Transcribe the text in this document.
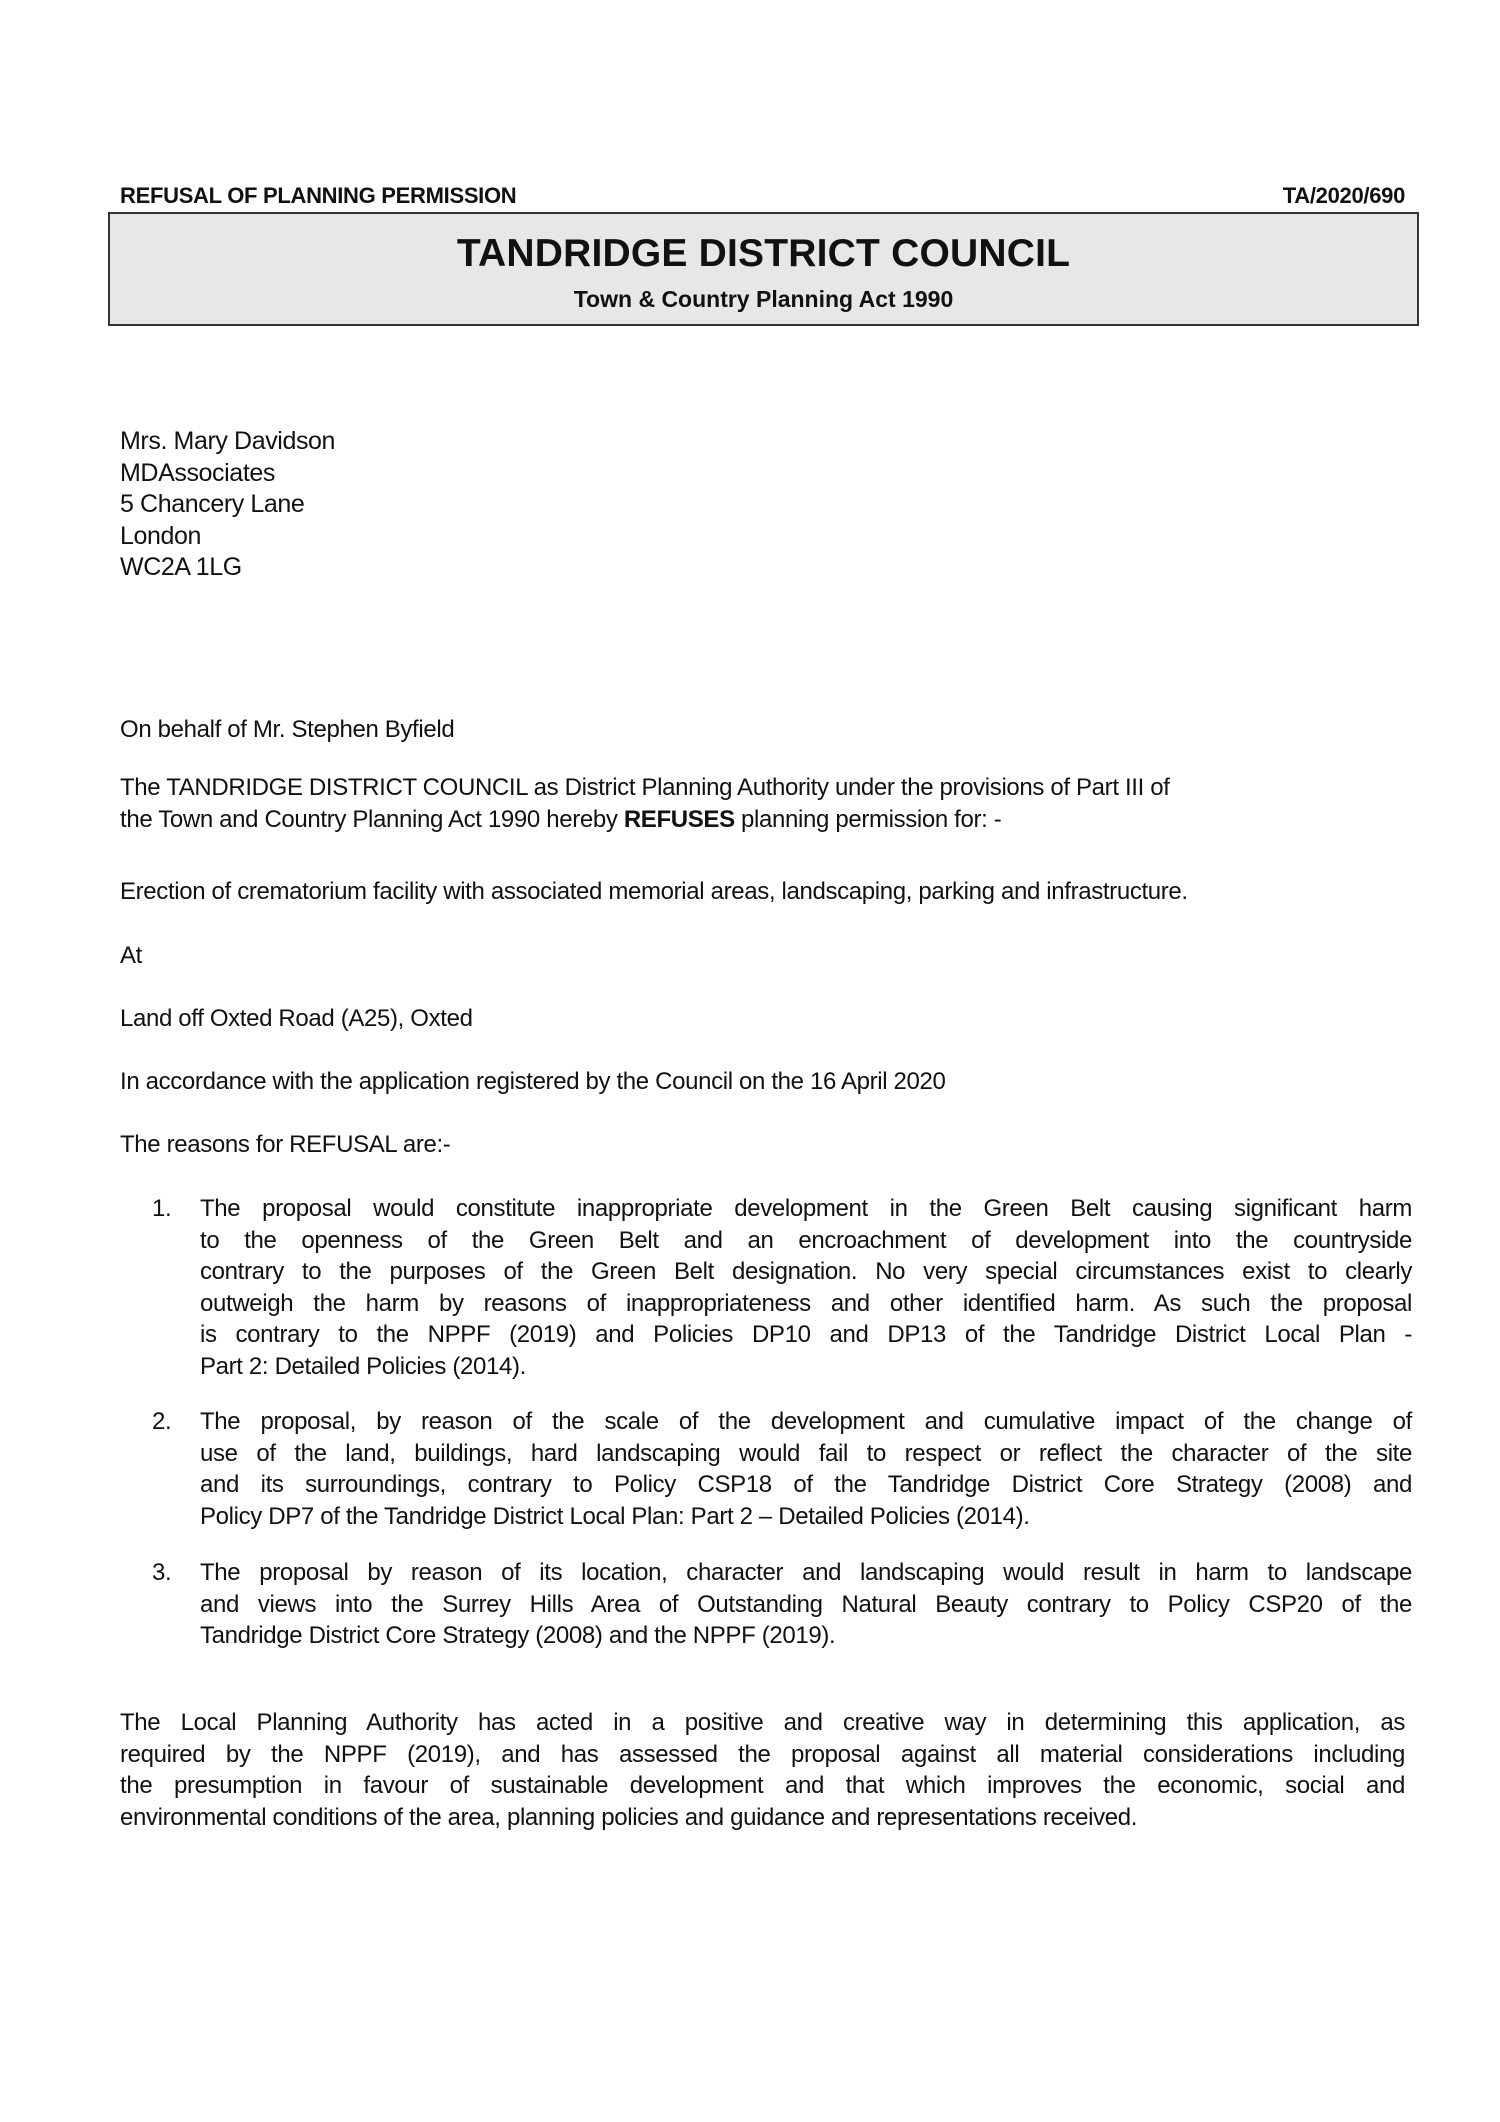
REFUSAL OF PLANNING PERMISSION	TA/2020/690
TANDRIDGE DISTRICT COUNCIL
Town & Country Planning Act 1990
Mrs. Mary Davidson
MDAssociates
5 Chancery Lane
London
WC2A 1LG
On behalf of Mr. Stephen Byfield
The TANDRIDGE DISTRICT COUNCIL as District Planning Authority under the provisions of Part III of
the Town and Country Planning Act 1990 hereby REFUSES planning permission for: -
Erection of crematorium facility with associated memorial areas, landscaping, parking and infrastructure.
At
Land off Oxted Road (A25), Oxted
In accordance with the application registered by the Council on the 16 April 2020
The reasons for REFUSAL are:-
1. The proposal would constitute inappropriate development in the Green Belt causing significant harm
to the openness of the Green Belt and an encroachment of development into the countryside
contrary to the purposes of the Green Belt designation. No very special circumstances exist to clearly
outweigh the harm by reasons of inappropriateness and other identified harm. As such the proposal
is contrary to the NPPF (2019) and Policies DP10 and DP13 of the Tandridge District Local Plan -
Part 2: Detailed Policies (2014).
2. The proposal, by reason of the scale of the development and cumulative impact of the change of
use of the land, buildings, hard landscaping would fail to respect or reflect the character of the site
and its surroundings, contrary to Policy CSP18 of the Tandridge District Core Strategy (2008) and
Policy DP7 of the Tandridge District Local Plan: Part 2 – Detailed Policies (2014).
3. The proposal by reason of its location, character and landscaping would result in harm to landscape
and views into the Surrey Hills Area of Outstanding Natural Beauty contrary to Policy CSP20 of the
Tandridge District Core Strategy (2008) and the NPPF (2019).
The Local Planning Authority has acted in a positive and creative way in determining this application, as
required by the NPPF (2019), and has assessed the proposal against all material considerations including
the presumption in favour of sustainable development and that which improves the economic, social and
environmental conditions of the area, planning policies and guidance and representations received.
